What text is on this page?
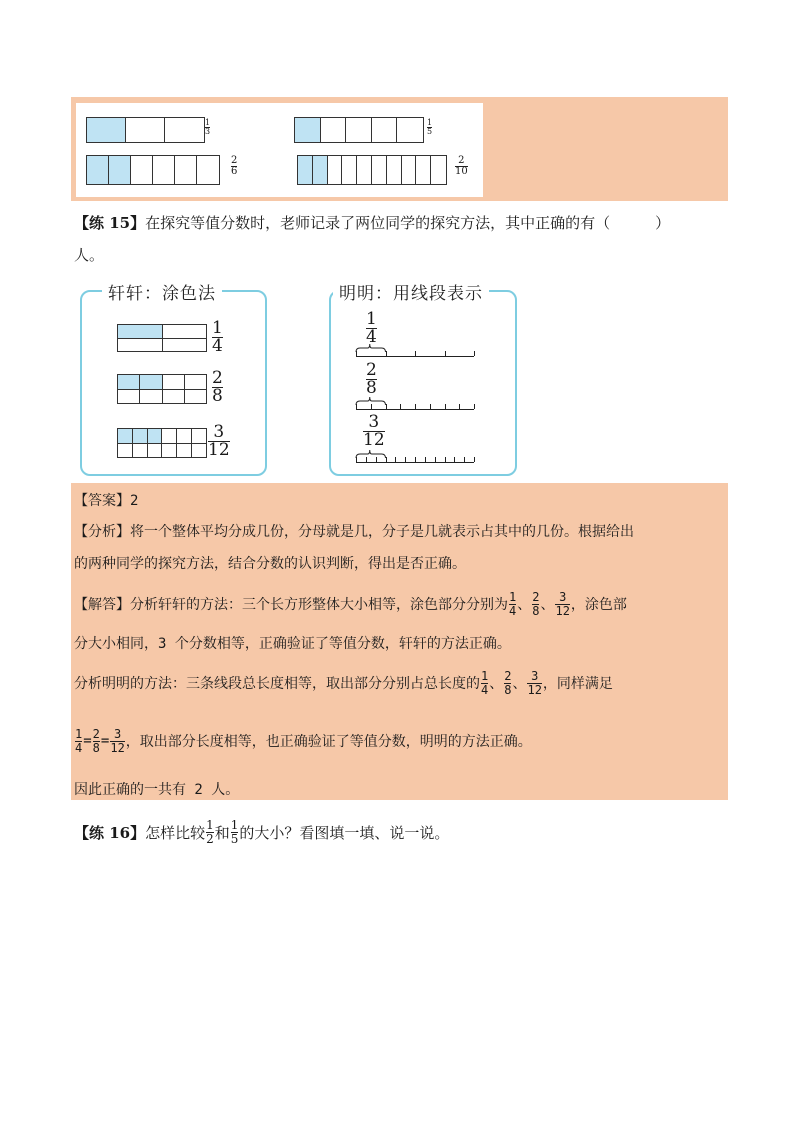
1
3
1
5
2
6
2
10
【练 15】在探究等值分数时，老师记录了两位同学的探究方法，其中正确的有（　　　）
人。
轩轩：涂色法
1
4
2
8
3
12
明明：用线段表示
1
4
2
8
3
12
【答案】2
【分析】将一个整体平均分成几份，分母就是几，分子是几就表示占其中的几份。根据给出
的两种同学的探究方法，结合分数的认识判断，得出是否正确。
【解答】分析轩轩的方法：三个长方形整体大小相等，涂色部分分别为
1
4 、
2
8 、
3
12 ，涂色部
分大小相同，3 个分数相等，正确验证了等值分数，轩轩的方法正确。
分析明明的方法：三条线段总长度相等，取出部分分别占总长度的
1
4 、
2
8 、
3
12 ，同样满足
1
4 = 2
8 = 3
12 ，取出部分长度相等，也正确验证了等值分数，明明的方法正确。
因此正确的一共有 2 人。
【练 16】 怎样比较 1
2 和 1
5 的大小？看图填一填、说一说。
